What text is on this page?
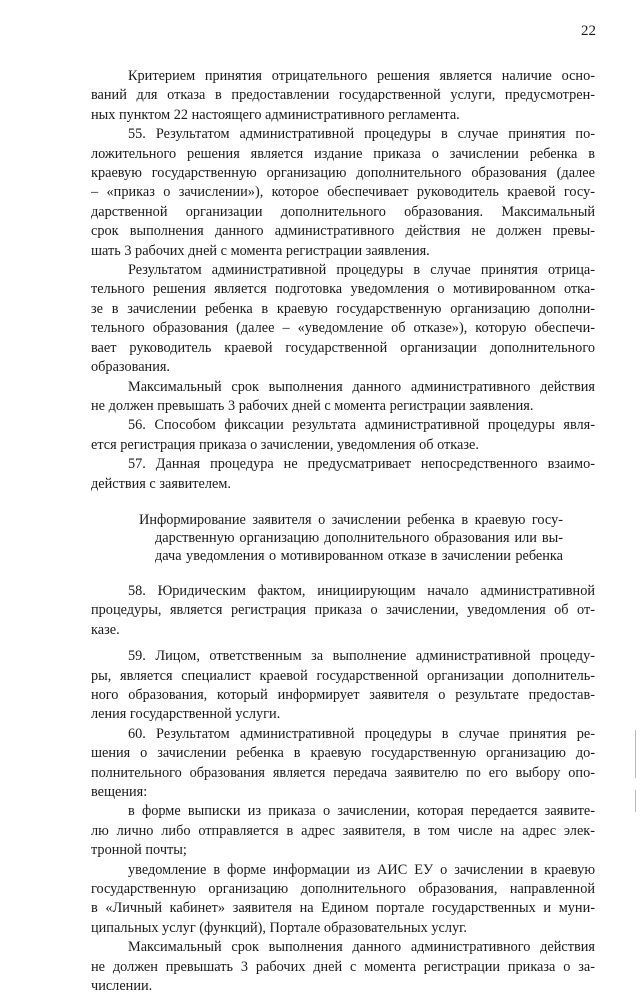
22
Критерием принятия отрицательного решения является наличие осно-
ваний для отказа в предоставлении государственной услуги, предусмотрен-
ных пунктом 22 настоящего административного регламента.
55. Результатом административной процедуры в случае принятия по-
ложительного решения является издание приказа о зачислении ребенка в
краевую государственную организацию дополнительного образования (далее
– «приказ о зачислении»), которое обеспечивает руководитель краевой госу-
дарственной организации дополнительного образования. Максимальный
срок выполнения данного административного действия не должен превы-
шать 3 рабочих дней с момента регистрации заявления.
Результатом административной процедуры в случае принятия отрица-
тельного решения является подготовка уведомления о мотивированном отка-
зе в зачислении ребенка в краевую государственную организацию дополни-
тельного образования (далее – «уведомление об отказе»), которую обеспечи-
вает руководитель краевой государственной организации дополнительного
образования.
Максимальный срок выполнения данного административного действия
не должен превышать 3 рабочих дней с момента регистрации заявления.
56. Способом фиксации результата административной процедуры явля-
ется регистрация приказа о зачислении, уведомления об отказе.
57. Данная процедура не предусматривает непосредственного взаимо-
действия с заявителем.
Информирование заявителя о зачислении ребенка в краевую госу-
дарственную организацию дополнительного образования или вы-
дача уведомления о мотивированном отказе в зачислении ребенка
58. Юридическим фактом, инициирующим начало административной
процедуры, является регистрация приказа о зачислении, уведомления об от-
казе.
59. Лицом, ответственным за выполнение административной процеду-
ры, является специалист краевой государственной организации дополнитель-
ного образования, который информирует заявителя о результате предостав-
ления государственной услуги.
60. Результатом административной процедуры в случае принятия ре-
шения о зачислении ребенка в краевую государственную организацию до-
полнительного образования является передача заявителю по его выбору опо-
вещения:
в форме выписки из приказа о зачислении, которая передается заявите-
лю лично либо отправляется в адрес заявителя, в том числе на адрес элек-
тронной почты;
уведомление в форме информации из АИС ЕУ о зачислении в краевую
государственную организацию дополнительного образования, направленной
в «Личный кабинет» заявителя на Едином портале государственных и муни-
ципальных услуг (функций), Портале образовательных услуг.
Максимальный срок выполнения данного административного действия
не должен превышать 3 рабочих дней с момента регистрации приказа о за-
числении.
